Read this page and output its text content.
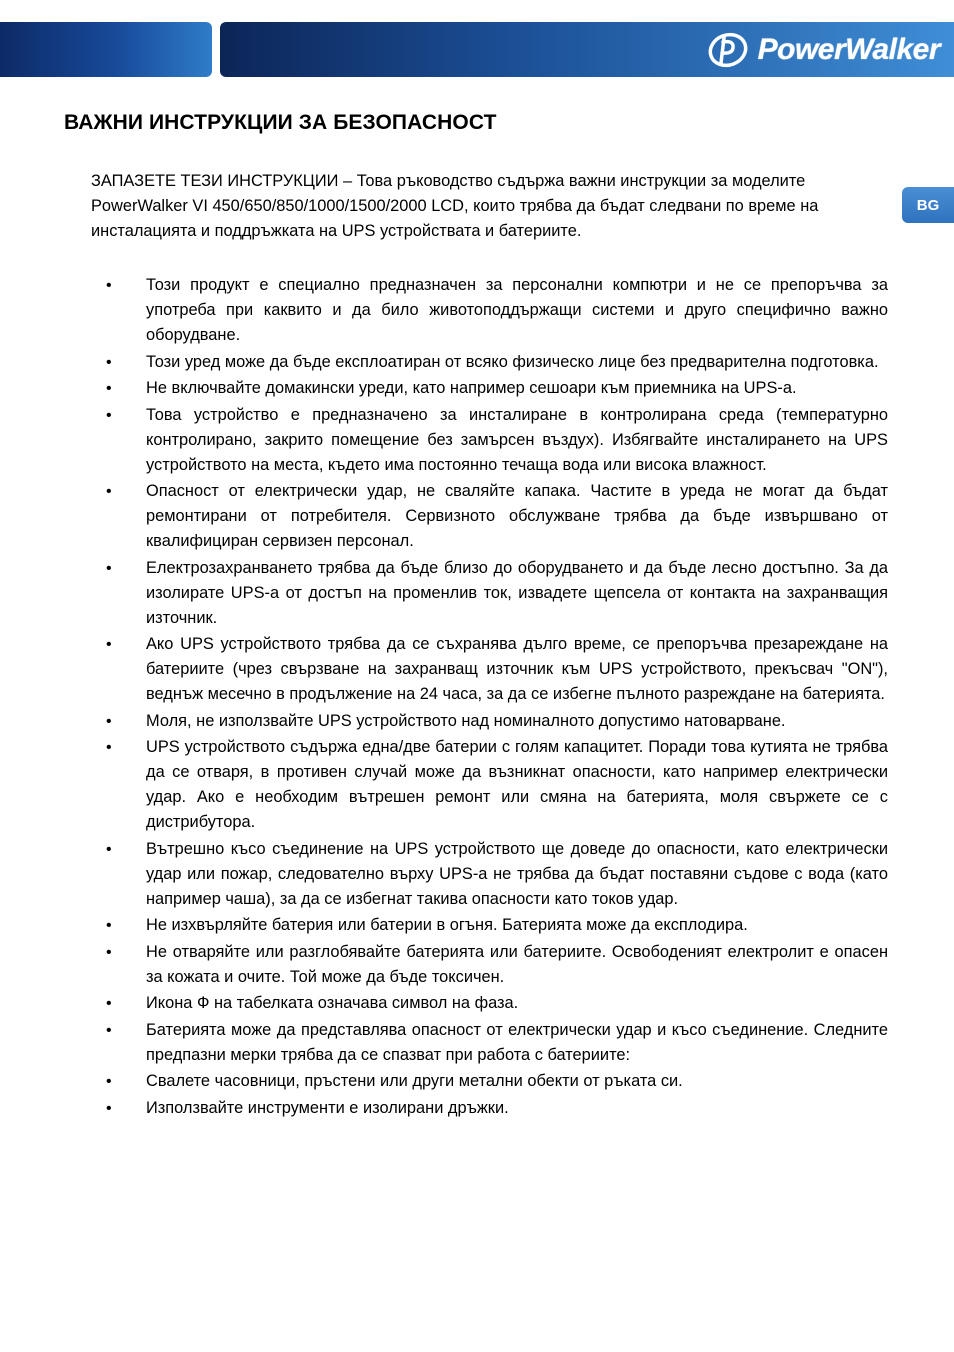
PowerWalker
BG
ВАЖНИ ИНСТРУКЦИИ ЗА БЕЗОПАСНОСТ

ЗАПАЗЕТЕ ТЕЗИ ИНСТРУКЦИИ – Това ръководство съдържа важни инструкции за моделите PowerWalker VI 450/650/850/1000/1500/2000 LCD, които трябва да бъдат следвани по време на инсталацията и поддръжката на UPS устройствата и батериите.

• Този продукт е специално предназначен за персонални компютри и не се препоръчва за употреба при каквито и да било животоподдържащи системи и друго специфично важно оборудване.
• Този уред може да бъде експлоатиран от всяко физическо лице без предварителна подготовка.
• Не включвайте домакински уреди, като например сешоари към приемника на UPS-а.
• Това устройство е предназначено за инсталиране в контролирана среда (температурно контролирано, закрито помещение без замърсен въздух). Избягвайте инсталирането на UPS устройството на места, където има постоянно течаща вода или висока влажност.
• Опасност от електрически удар, не сваляйте капака. Частите в уреда не могат да бъдат ремонтирани от потребителя. Сервизното обслужване трябва да бъде извършвано от квалифициран сервизен персонал.
• Електрозахранването трябва да бъде близо до оборудването и да бъде лесно достъпно. За да изолирате UPS-а от достъп на променлив ток, извадете щепсела от контакта на захранващия източник.
• Ако UPS устройството трябва да се съхранява дълго време, се препоръчва презареждане на батериите (чрез свързване на захранващ източник към UPS устройството, прекъсвач "ON"), веднъж месечно в продължение на 24 часа, за да се избегне пълното разреждане на батерията.
• Моля, не използвайте UPS устройството над номиналното допустимо натоварване.
• UPS устройството съдържа една/две батерии с голям капацитет. Поради това кутията не трябва да се отваря, в противен случай може да възникнат опасности, като например електрически удар. Ако е необходим вътрешен ремонт или смяна на батерията, моля свържете се с дистрибутора.
• Вътрешно късо съединение на UPS устройството ще доведе до опасности, като електрически удар или пожар, следователно върху UPS-а не трябва да бъдат поставяни съдове с вода (като например чаша), за да се избегнат такива опасности като токов удар.
• Не изхвърляйте батерия или батерии в огъня. Батерията може да експлодира.
• Не отваряйте или разглобявайте батерията или батериите. Освободеният електролит е опасен за кожата и очите. Той може да бъде токсичен.
• Икона Ф на табелката означава символ на фаза.
• Батерията може да представлява опасност от електрически удар и късо съединение. Следните предпазни мерки трябва да се спазват при работа с батериите:
• Свалете часовници, пръстени или други метални обекти от ръката си.
• Използвайте инструменти е изолирани дръжки.
